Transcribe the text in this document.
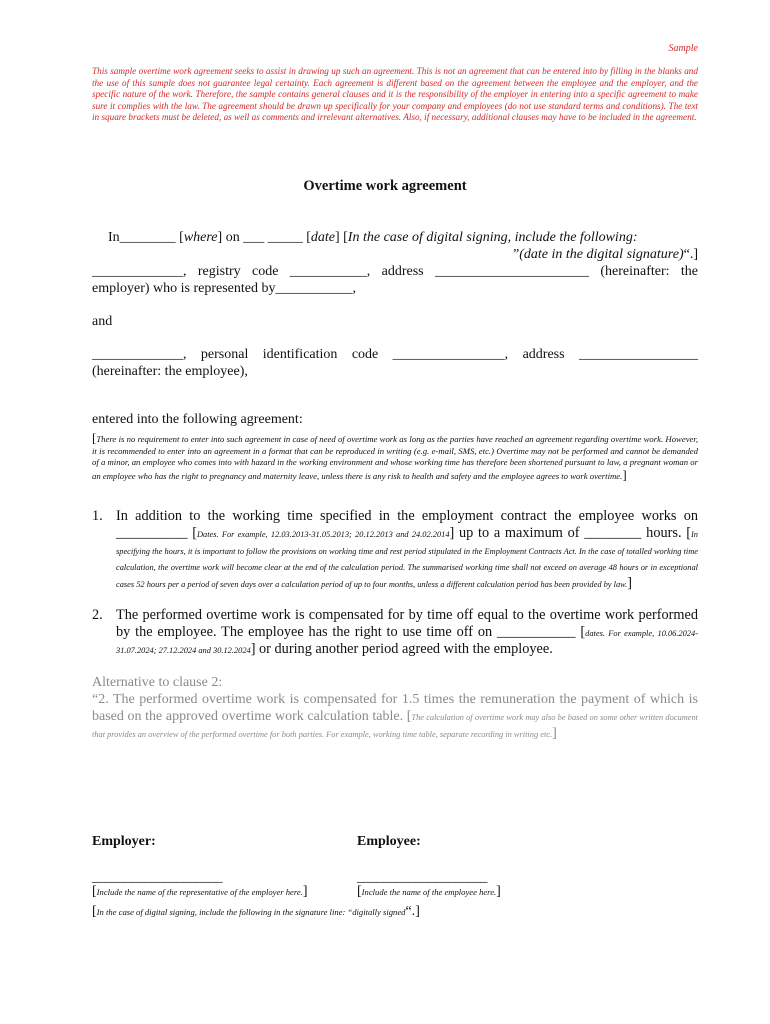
Sample
This sample overtime work agreement seeks to assist in drawing up such an agreement. This is not an agreement that can be entered into by filling in the blanks and the use of this sample does not guarantee legal certainty. Each agreement is different based on the agreement between the employee and the employer, and the specific nature of the work. Therefore, the sample contains general clauses and it is the responsibility of the employer in entering into a specific agreement to make sure it complies with the law. The agreement should be drawn up specifically for your company and employees (do not use standard terms and conditions). The text in square brackets must be deleted, as well as comments and irrelevant alternatives. Also, if necessary, additional clauses may have to be included in the agreement.
Overtime work agreement
In________ [where] on ___ _____ [date] [In the case of digital signing, include the following:
”(date in the digital signature)“.]
_____________, registry code ___________, address ______________________ (hereinafter: the employer) who is represented by___________,
and
_____________, personal identification code ________________, address _________________ (hereinafter: the employee),
entered into the following agreement:
[There is no requirement to enter into such agreement in case of need of overtime work as long as the parties have reached an agreement regarding overtime work. However, it is recommended to enter into an agreement in a format that can be reproduced in writing (e.g. e-mail, SMS, etc.) Overtime may not be performed and cannot be demanded of a minor, an employee who comes into with hazard in the working environment and whose working time has therefore been shortened pursuant to law, a pregnant woman or an employee who has the right to pregnancy and maternity leave, unless there is any risk to health and safety and the employee agrees to work overtime.]
1. In addition to the working time specified in the employment contract the employee works on __________ [Dates. For example, 12.03.2013-31.05.2013; 20.12.2013 and 24.02.2014] up to a maximum of ________ hours. [In specifying the hours, it is important to follow the provisions on working time and rest period stipulated in the Employment Contracts Act. In the case of totalled working time calculation, the overtime work will become clear at the end of the calculation period. The summarised working time shall not exceed on average 48 hours or in exceptional cases 52 hours per a period of seven days over a calculation period of up to four months, unless a different calculation period has been provided by law.]
2. The performed overtime work is compensated for by time off equal to the overtime work performed by the employee. The employee has the right to use time off on ___________ [dates. For example, 10.06.2024-31.07.2024; 27.12.2024 and 30.12.2024] or during another period agreed with the employee.
Alternative to clause 2:
“2. The performed overtime work is compensated for 1.5 times the remuneration the payment of which is based on the approved overtime work calculation table. [The calculation of overtime work may also be based on some other written document that provides an overview of the performed overtime for both parties. For example, working time table, separate recording in writing etc.]
Employer:	Employee:
____________________	____________________
[Include the name of the representative of the employer here.]	[Include the name of the employee here.]
[In the case of digital signing, include the following in the signature line: “digitally signed“.]
